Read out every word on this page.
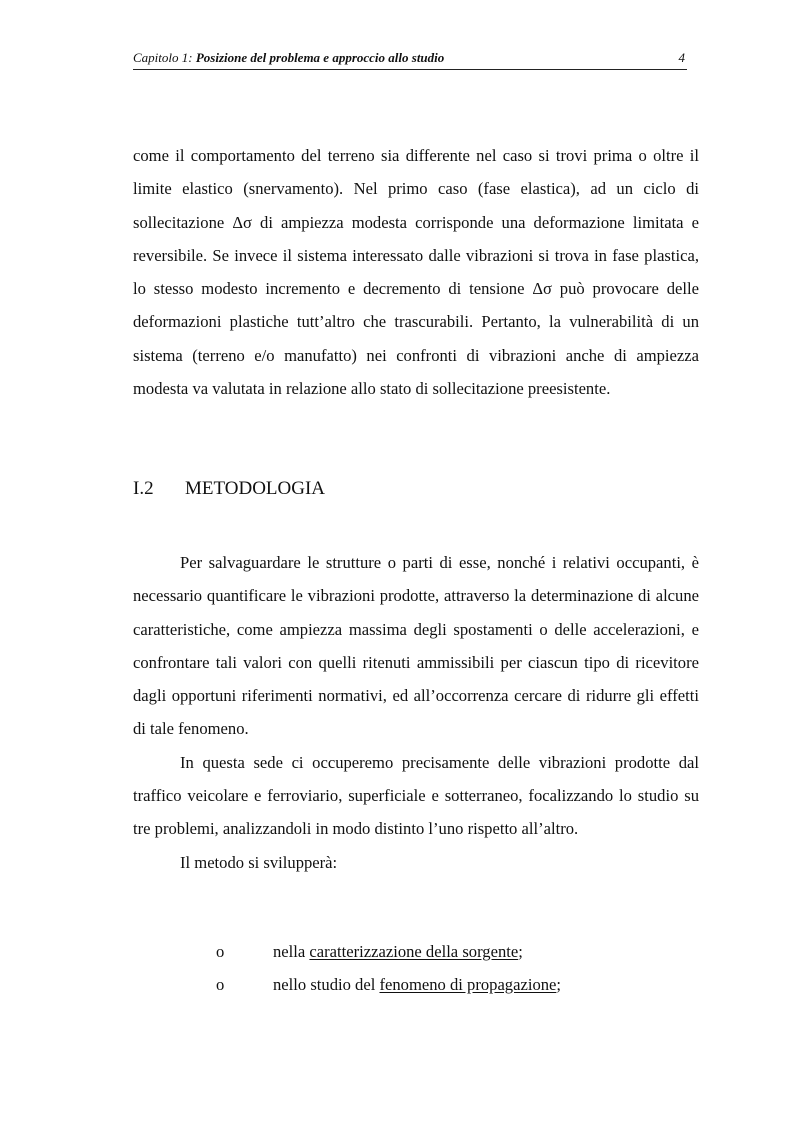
Capitolo 1: Posizione del problema e approccio allo studio	4

come il comportamento del terreno sia differente nel caso si trovi prima o oltre il limite elastico (snervamento). Nel primo caso (fase elastica), ad un ciclo di sollecitazione Δσ di ampiezza modesta corrisponde una deformazione limitata e reversibile. Se invece il sistema interessato dalle vibrazioni si trova in fase plastica, lo stesso modesto incremento e decremento di tensione Δσ può provocare delle deformazioni plastiche tutt’altro che trascurabili. Pertanto, la vulnerabilità di un sistema (terreno e/o manufatto) nei confronti di vibrazioni anche di ampiezza modesta va valutata in relazione allo stato di sollecitazione preesistente.

I.2 METODOLOGIA

Per salvaguardare le strutture o parti di esse, nonché i relativi occupanti, è necessario quantificare le vibrazioni prodotte, attraverso la determinazione di alcune caratteristiche, come ampiezza massima degli spostamenti o delle accelerazioni, e confrontare tali valori con quelli ritenuti ammissibili per ciascun tipo di ricevitore dagli opportuni riferimenti normativi, ed all’occorrenza cercare di ridurre gli effetti di tale fenomeno.

In questa sede ci occuperemo precisamente delle vibrazioni prodotte dal traffico veicolare e ferroviario, superficiale e sotterraneo, focalizzando lo studio su tre problemi, analizzandoli in modo distinto l’uno rispetto all’altro.

Il metodo si svilupperà:

o	nella caratterizzazione della sorgente;
o	nello studio del fenomeno di propagazione;
